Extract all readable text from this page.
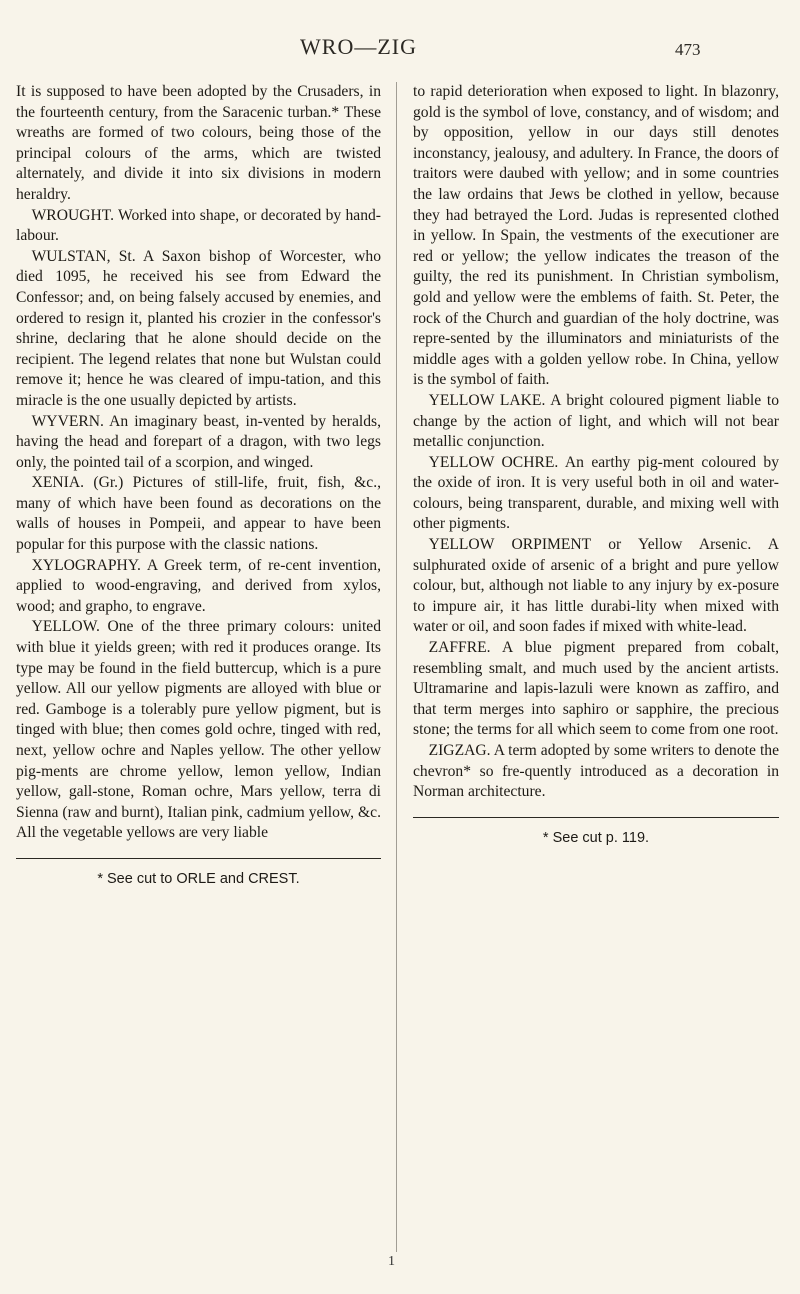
WRO—ZIG	473

It is supposed to have been adopted by the Crusaders, in the fourteenth century, from the Saracenic turban.* These wreaths are formed of two colours, being those of the principal colours of the arms, which are twisted alternately, and divide it into six divisions in modern heraldry.

WROUGHT. Worked into shape, or decorated by hand-labour.

WULSTAN, St. A Saxon bishop of Worcester, who died 1095, he received his see from Edward the Confessor; and, on being falsely accused by enemies, and ordered to resign it, planted his crozier in the confessor's shrine, declaring that he alone should decide on the recipient. The legend relates that none but Wulstan could remove it; hence he was cleared of impu-tation, and this miracle is the one usually depicted by artists.

WYVERN. An imaginary beast, in-vented by heralds, having the head and forepart of a dragon, with two legs only, the pointed tail of a scorpion, and winged.

XENIA. (Gr.) Pictures of still-life, fruit, fish, &c., many of which have been found as decorations on the walls of houses in Pompeii, and appear to have been popular for this purpose with the classic nations.

XYLOGRAPHY. A Greek term, of re-cent invention, applied to wood-engraving, and derived from xylos, wood; and grapho, to engrave.

YELLOW. One of the three primary colours: united with blue it yields green; with red it produces orange. Its type may be found in the field buttercup, which is a pure yellow. All our yellow pigments are alloyed with blue or red. Gamboge is a tolerably pure yellow pigment, but is tinged with blue; then comes gold ochre, tinged with red, next, yellow ochre and Naples yellow. The other yellow pig-ments are chrome yellow, lemon yellow, Indian yellow, gall-stone, Roman ochre, Mars yellow, terra di Sienna (raw and burnt), Italian pink, cadmium yellow, &c. All the vegetable yellows are very liable

* See cut to ORLE and CREST.

to rapid deterioration when exposed to light. In blazonry, gold is the symbol of love, constancy, and of wisdom; and by opposition, yellow in our days still denotes inconstancy, jealousy, and adultery. In France, the doors of traitors were daubed with yellow; and in some countries the law ordains that Jews be clothed in yellow, because they had betrayed the Lord. Judas is represented clothed in yellow. In Spain, the vestments of the executioner are red or yellow; the yellow indicates the treason of the guilty, the red its punishment. In Christian symbolism, gold and yellow were the emblems of faith. St. Peter, the rock of the Church and guardian of the holy doctrine, was repre-sented by the illuminators and miniaturists of the middle ages with a golden yellow robe. In China, yellow is the symbol of faith.

YELLOW LAKE. A bright coloured pigment liable to change by the action of light, and which will not bear metallic conjunction.

YELLOW OCHRE. An earthy pig-ment coloured by the oxide of iron. It is very useful both in oil and water-colours, being transparent, durable, and mixing well with other pigments.

YELLOW ORPIMENT or Yellow Arsenic. A sulphurated oxide of arsenic of a bright and pure yellow colour, but, although not liable to any injury by ex-posure to impure air, it has little durabi-lity when mixed with water or oil, and soon fades if mixed with white-lead.

ZAFFRE. A blue pigment prepared from cobalt, resembling smalt, and much used by the ancient artists. Ultramarine and lapis-lazuli were known as zaffiro, and that term merges into saphiro or sapphire, the precious stone; the terms for all which seem to come from one root.

ZIGZAG. A term adopted by some writers to denote the chevron* so fre-quently introduced as a decoration in Norman architecture.

* See cut p. 119.
1
